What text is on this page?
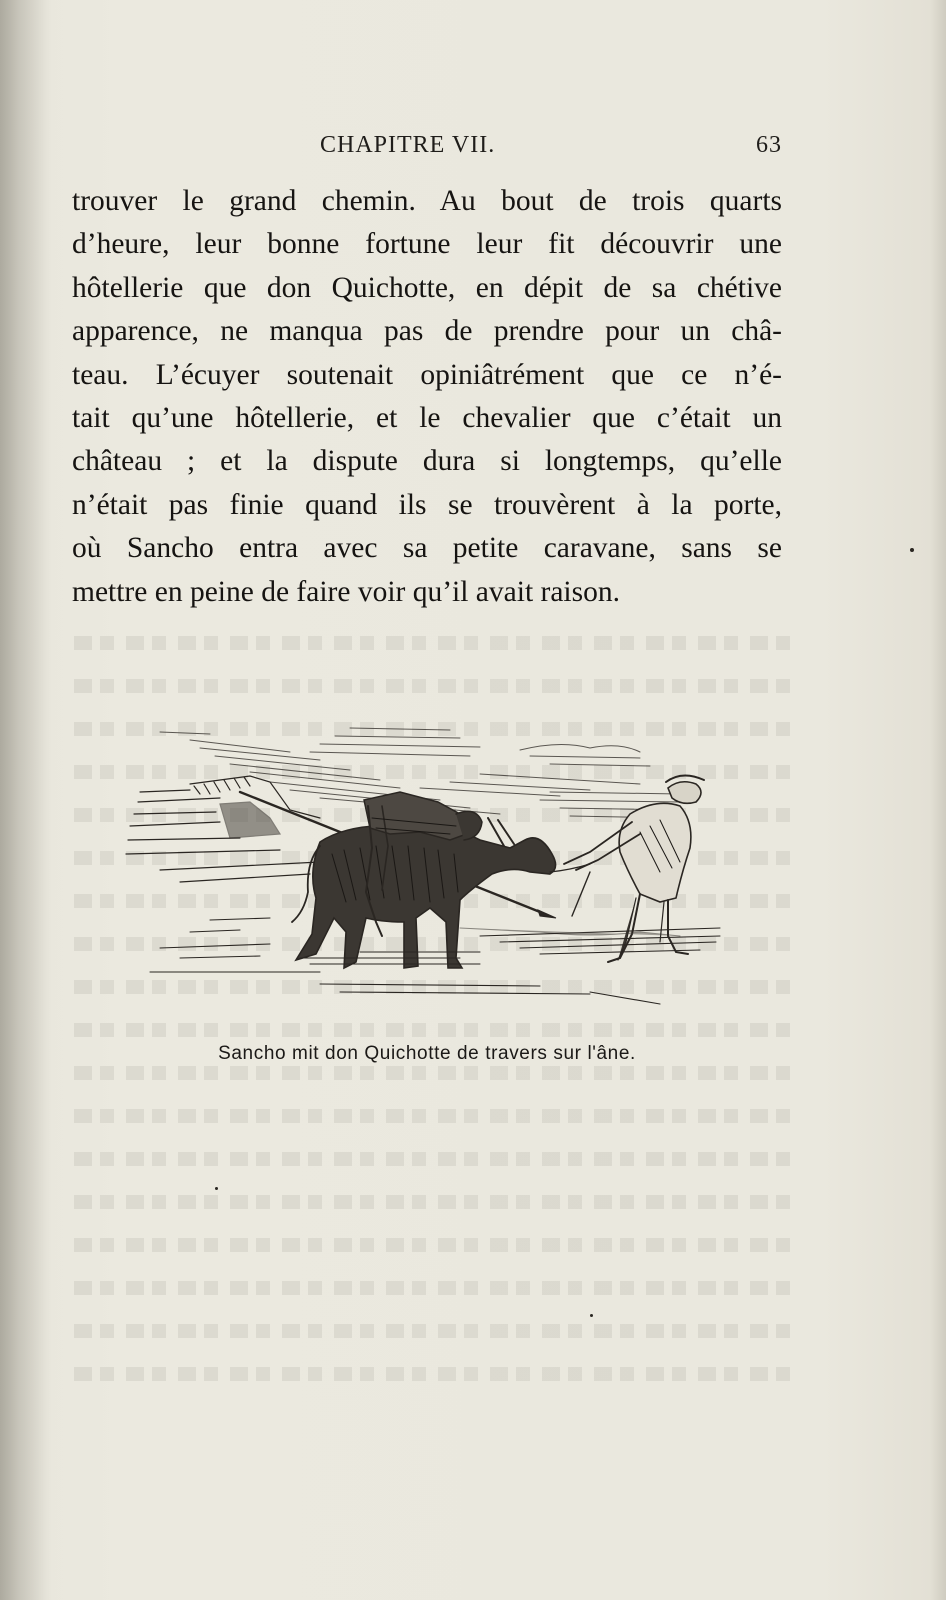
CHAPITRE VII.	63
trouver le grand chemin. Au bout de trois quarts
d’heure, leur bonne fortune leur fit découvrir une
hôtellerie que don Quichotte, en dépit de sa chétive
apparence, ne manqua pas de prendre pour un châ-
teau. L’écuyer soutenait opiniâtrément que ce n’é-
tait qu’une hôtellerie, et le chevalier que c’était un
château ; et la dispute dura si longtemps, qu’elle
n’était pas finie quand ils se trouvèrent à la porte,
où Sancho entra avec sa petite caravane, sans se
mettre en peine de faire voir qu’il avait raison.
Sancho mit don Quichotte de travers sur l'âne.
